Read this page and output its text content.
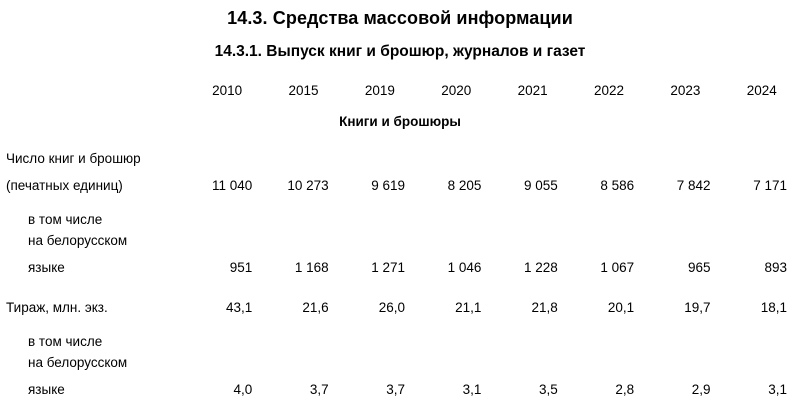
14.3. Средства массовой информации
14.3.1. Выпуск книг и брошюр, журналов и газет
	2010	2015	2019	2020	2021	2022	2023	2024
Книги и брошюры								

Число книг и брошюр								
(печатных единиц)	11 040	10 273	9 619	8 205	9 055	8 586	7 842	7 171

в том числе								
на белорусском								
языке	951	1 168	1 271	1 046	1 228	1 067	965	893

Тираж, млн. экз.	43,1	21,6	26,0	21,1	21,8	20,1	19,7	18,1

в том числе								
на белорусском								
языке	4,0	3,7	3,7	3,1	3,5	2,8	2,9	3,1
